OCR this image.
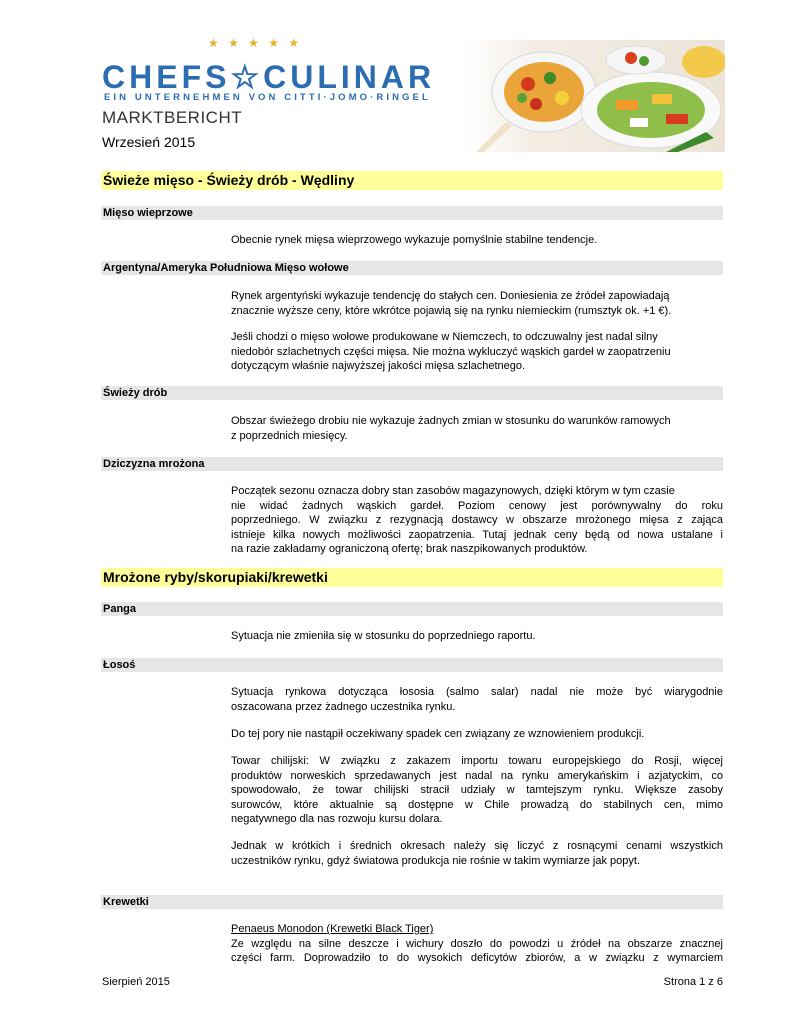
★ ★ ★ ★ ★
CHEFS☆CULINAR
EIN UNTERNEHMEN VON CITTI·JOMO·RINGEL
MARKTBERICHT
Wrzesień 2015
Świeże mięso - Świeży drób - Wędliny
Mięso wieprzowe
Obecnie rynek mięsa wieprzowego wykazuje pomyślnie stabilne tendencje.
Argentyna/Ameryka Południowa Mięso wołowe
Rynek argentyński wykazuje tendencję do stałych cen. Doniesienia ze źródeł zapowiadają
znacznie wyższe ceny, które wkrótce pojawią się na rynku niemieckim (rumsztyk ok. +1 €).
Jeśli chodzi o mięso wołowe produkowane w Niemczech, to odczuwalny jest nadal silny
niedobór szlachetnych części mięsa. Nie można wykluczyć wąskich gardeł w zaopatrzeniu
dotyczącym właśnie najwyższej jakości mięsa szlachetnego.
Świeży drób
Obszar świeżego drobiu nie wykazuje żadnych zmian w stosunku do warunków ramowych
z poprzednich miesięcy.
Dziczyzna mrożona
Początek sezonu oznacza dobry stan zasobów magazynowych, dzięki którym w tym czasie
nie widać żadnych wąskich gardeł. Poziom cenowy jest porównywalny do roku
poprzedniego. W związku z rezygnacją dostawcy w obszarze mrożonego mięsa z zająca
istnieje kilka nowych możliwości zaopatrzenia. Tutaj jednak ceny będą od nowa ustalane i
na razie zakładamy ograniczoną ofertę; brak naszpikowanych produktów.
Mrożone ryby/skorupiaki/krewetki
Panga
Sytuacja nie zmieniła się w stosunku do poprzedniego raportu.
Łosoś
Sytuacja rynkowa dotycząca łososia (salmo salar) nadal nie może być wiarygodnie
oszacowana przez żadnego uczestnika rynku.
Do tej pory nie nastąpił oczekiwany spadek cen związany ze wznowieniem produkcji.
Towar chilijski: W związku z zakazem importu towaru europejskiego do Rosji, więcej
produktów norweskich sprzedawanych jest nadal na rynku amerykańskim i azjatyckim, co
spowodowało, że towar chilijski stracił udziały w tamtejszym rynku. Większe zasoby
surowców, które aktualnie są dostępne w Chile prowadzą do stabilnych cen, mimo
negatywnego dla nas rozwoju kursu dolara.
Jednak w krótkich i średnich okresach należy się liczyć z rosnącymi cenami wszystkich
uczestników rynku, gdyż światowa produkcja nie rośnie w takim wymiarze jak popyt.
Krewetki
Penaeus Monodon (Krewetki Black Tiger)
Ze względu na silne deszcze i wichury doszło do powodzi u źródeł na obszarze znacznej
części farm. Doprowadziło to do wysokich deficytów zbiorów, a w związku z wymarciem
Sierpień 2015	Strona 1 z 6
